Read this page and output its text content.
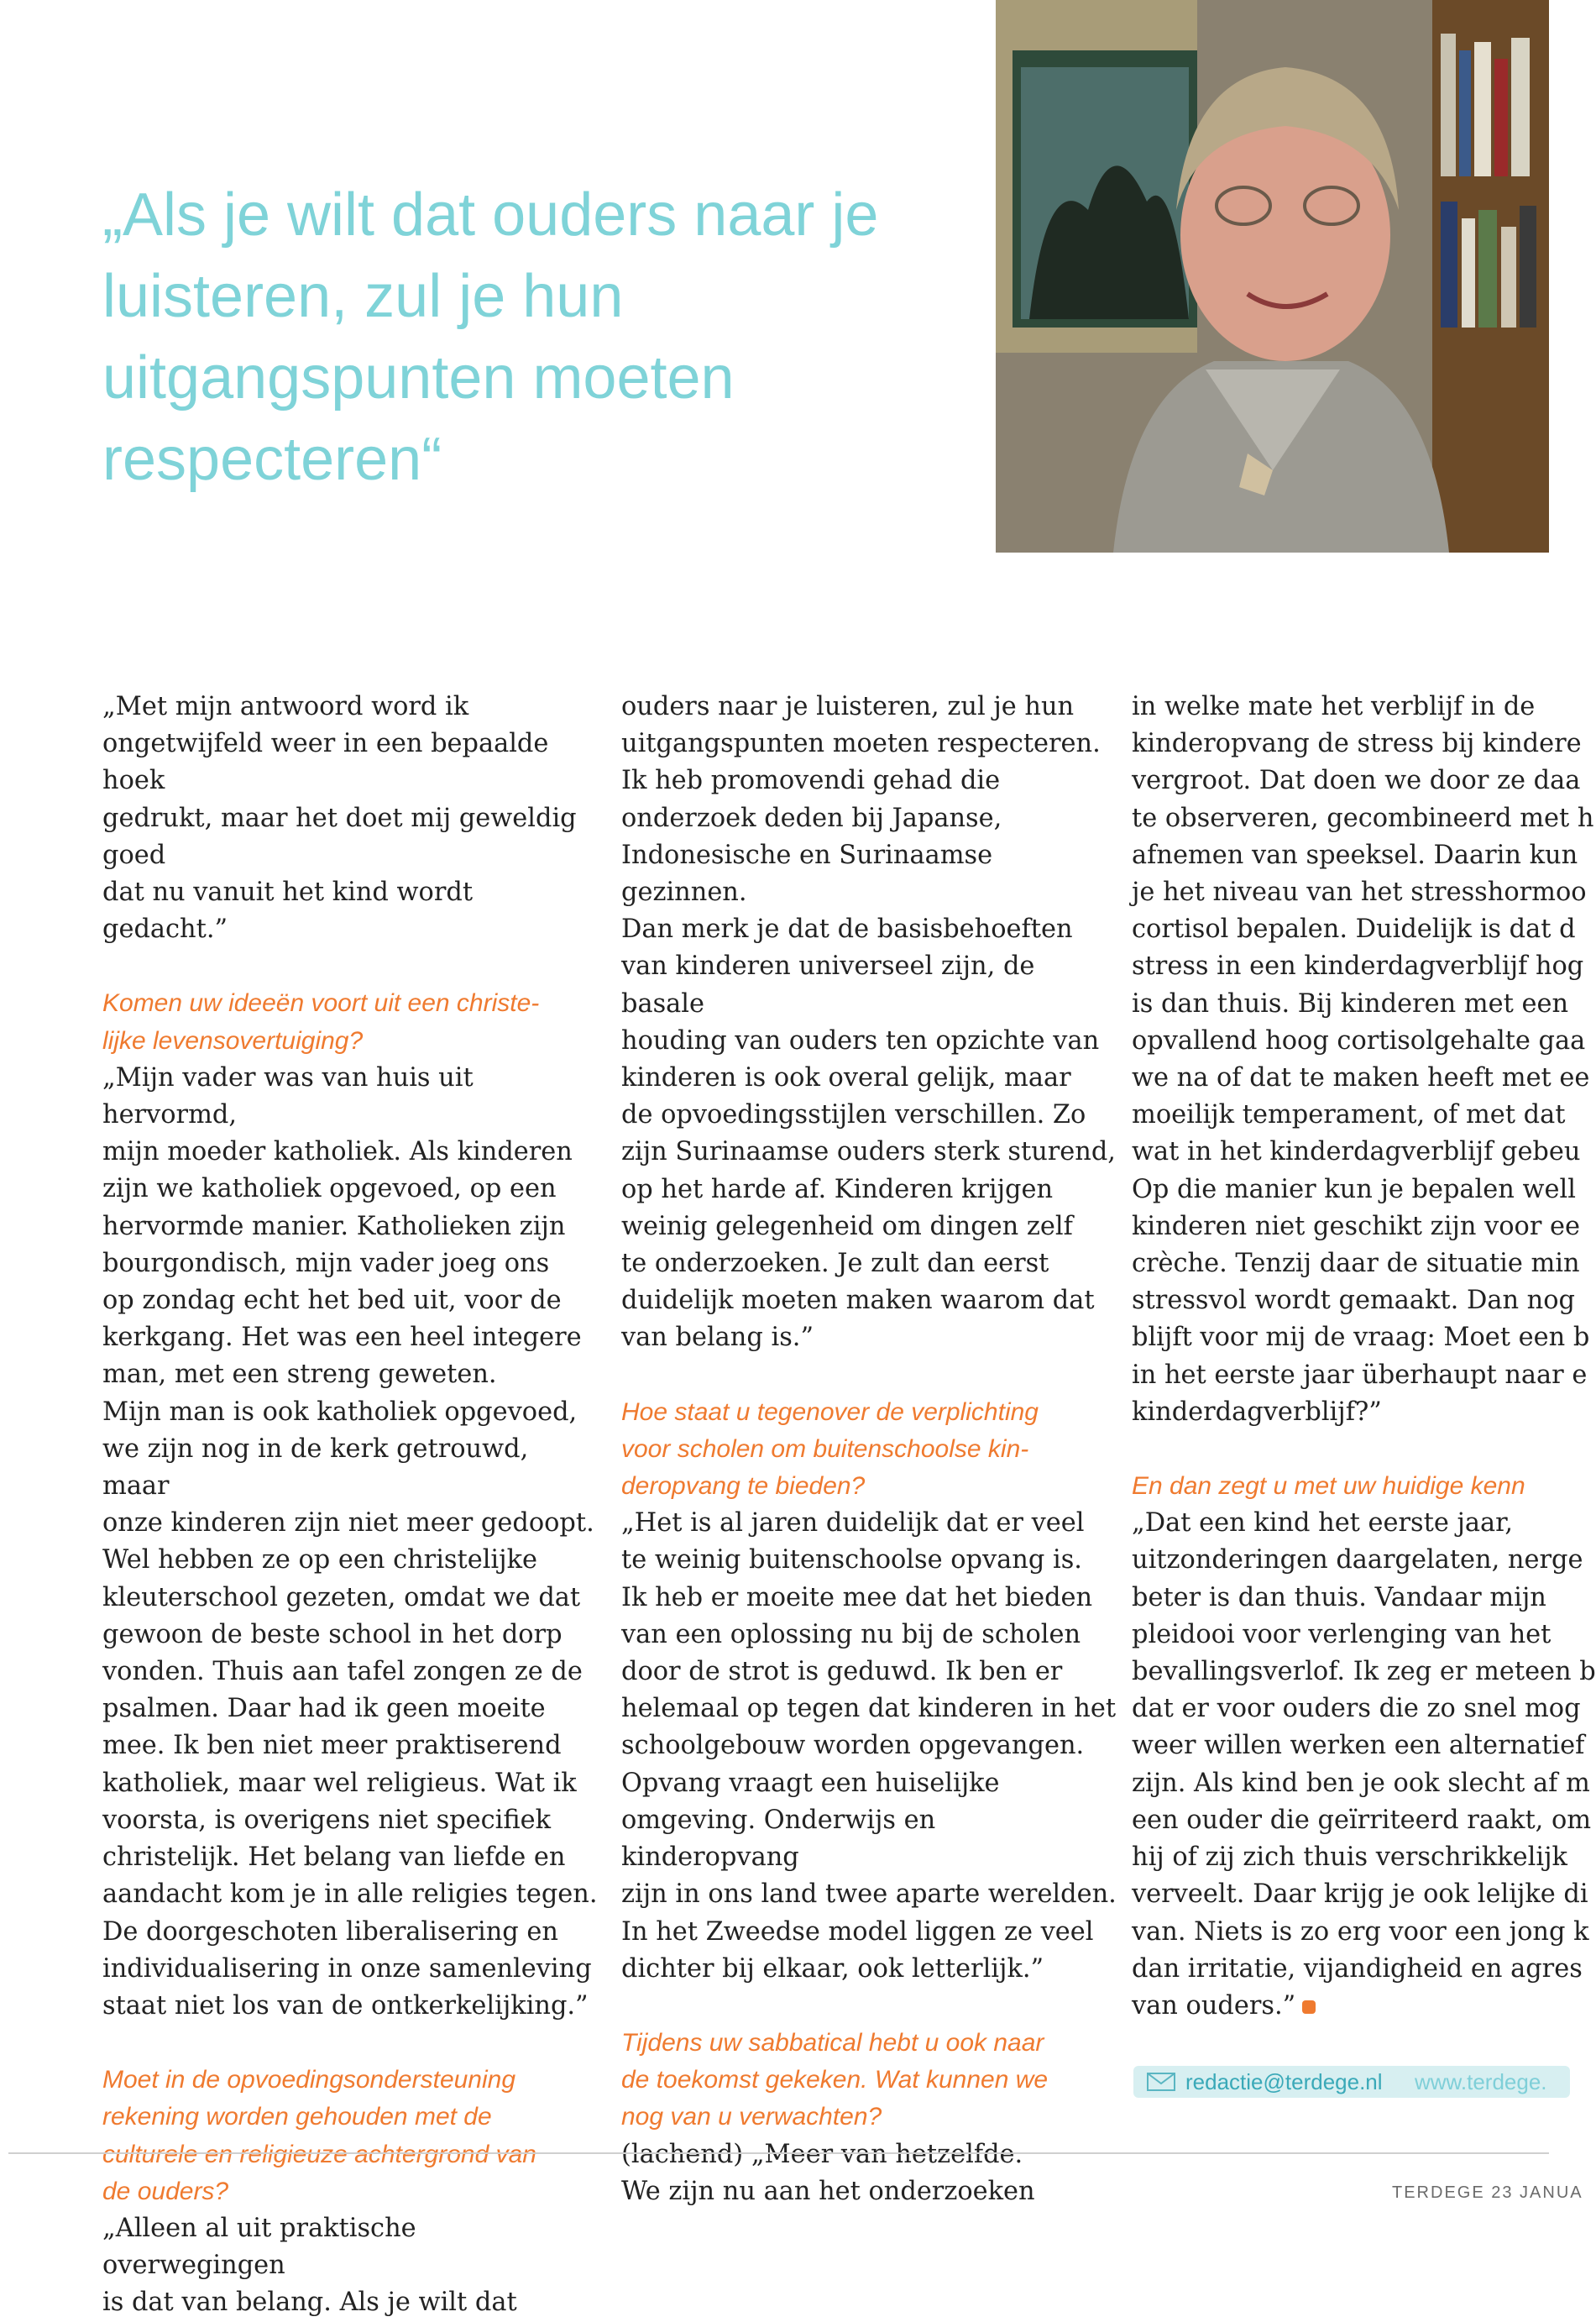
„Als je wilt dat ouders naar je
luisteren, zul je hun
uitgangspunten moeten
respecteren“

„Met mijn antwoord word ik
ongetwijfeld weer in een bepaalde hoek
gedrukt, maar het doet mij geweldig goed
dat nu vanuit het kind wordt gedacht.”

Komen uw ideeën voort uit een christe-
lijke levensovertuiging?

„Mijn vader was van huis uit hervormd,
mijn moeder katholiek. Als kinderen
zijn we katholiek opgevoed, op een
hervormde manier. Katholieken zijn
bourgondisch, mijn vader joeg ons
op zondag echt het bed uit, voor de
kerkgang. Het was een heel integere
man, met een streng geweten.
Mijn man is ook katholiek opgevoed,
we zijn nog in de kerk getrouwd, maar
onze kinderen zijn niet meer gedoopt.
Wel hebben ze op een christelijke
kleuterschool gezeten, omdat we dat
gewoon de beste school in het dorp
vonden. Thuis aan tafel zongen ze de
psalmen. Daar had ik geen moeite
mee. Ik ben niet meer praktiserend
katholiek, maar wel religieus. Wat ik
voorsta, is overigens niet specifiek
christelijk. Het belang van liefde en
aandacht kom je in alle religies tegen.
De doorgeschoten liberalisering en
individualisering in onze samenleving
staat niet los van de ontkerkelijking.”

Moet in de opvoedingsondersteuning
rekening worden gehouden met de
culturele en religieuze achtergrond van
de ouders?

„Alleen al uit praktische overwegingen
is dat van belang. Als je wilt dat

ouders naar je luisteren, zul je hun
uitgangspunten moeten respecteren.
Ik heb promovendi gehad die
onderzoek deden bij Japanse,
Indonesische en Surinaamse gezinnen.
Dan merk je dat de basisbehoeften
van kinderen universeel zijn, de basale
houding van ouders ten opzichte van
kinderen is ook overal gelijk, maar
de opvoedingsstijlen verschillen. Zo
zijn Surinaamse ouders sterk sturend,
op het harde af. Kinderen krijgen
weinig gelegenheid om dingen zelf
te onderzoeken. Je zult dan eerst
duidelijk moeten maken waarom dat
van belang is.”

Hoe staat u tegenover de verplichting
voor scholen om buitenschoolse kin-
deropvang te bieden?

„Het is al jaren duidelijk dat er veel
te weinig buitenschoolse opvang is.
Ik heb er moeite mee dat het bieden
van een oplossing nu bij de scholen
door de strot is geduwd. Ik ben er
helemaal op tegen dat kinderen in het
schoolgebouw worden opgevangen.
Opvang vraagt een huiselijke
omgeving. Onderwijs en kinderopvang
zijn in ons land twee aparte werelden.
In het Zweedse model liggen ze veel
dichter bij elkaar, ook letterlijk.”

Tijdens uw sabbatical hebt u ook naar
de toekomst gekeken. Wat kunnen we
nog van u verwachten?

(lachend) „Meer van hetzelfde.
We zijn nu aan het onderzoeken

in welke mate het verblijf in de
kinderopvang de stress bij kindere
vergroot. Dat doen we door ze daa
te observeren, gecombineerd met h
afnemen van speeksel. Daarin kun
je het niveau van het stresshormoo
cortisol bepalen. Duidelijk is dat d
stress in een kinderdagverblijf hog
is dan thuis. Bij kinderen met een
opvallend hoog cortisolgehalte gaa
we na of dat te maken heeft met ee
moeilijk temperament, of met dat
wat in het kinderdagverblijf gebeu
Op die manier kun je bepalen well
kinderen niet geschikt zijn voor ee
crèche. Tenzij daar de situatie min
stressvol wordt gemaakt. Dan nog
blijft voor mij de vraag: Moet een b
in het eerste jaar überhaupt naar e
kinderdagverblijf?”

En dan zegt u met uw huidige kenn

„Dat een kind het eerste jaar,
uitzonderingen daargelaten, nerge
beter is dan thuis. Vandaar mijn
pleidooi voor verlenging van het
bevallingsverlof. Ik zeg er meteen b
dat er voor ouders die zo snel mog
weer willen werken een alternatief
zijn. Als kind ben je ook slecht af m
een ouder die geïrriteerd raakt, om
hij of zij zich thuis verschrikkelijk
verveelt. Daar krijg je ook lelijke di
van. Niets is zo erg voor een jong k
dan irritatie, vijandigheid en agres
van ouders.”

redactie@terdege.nl www.terdege.
TERDEGE 23 JANUA
